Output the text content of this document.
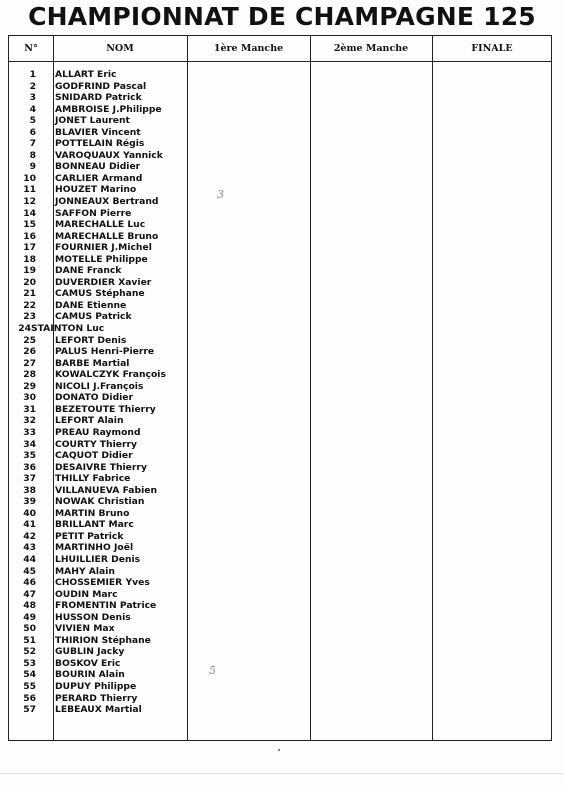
CHAMPIONNAT DE CHAMPAGNE 125
N°	NOM	1ère Manche	2ème Manche	FINALE
1 ALLART Eric
2 GODFRIND Pascal
3 SNIDARD Patrick
4 AMBROISE J.Philippe
5 JONET Laurent
6 BLAVIER Vincent
7 POTTELAIN Régis
8 VAROQUAUX Yannick
9 BONNEAU Didier
10 CARLIER Armand
11 HOUZET Marino
12 JONNEAUX Bertrand
14 SAFFON Pierre
15 MARECHALLE Luc
16 MARECHALLE Bruno
17 FOURNIER J.Michel
18 MOTELLE Philippe
19 DANE Franck
20 DUVERDIER Xavier
21 CAMUS Stéphane
22 DANE Etienne
23 CAMUS Patrick
24 STAINTON Luc
25 LEFORT Denis
26 PALUS Henri-Pierre
27 BARBE Martial
28 KOWALCZYK François
29 NICOLI J.François
30 DONATO Didier
31 BEZETOUTE Thierry
32 LEFORT Alain
33 PREAU Raymond
34 COURTY Thierry
35 CAQUOT Didier
36 DESAIVRE Thierry
37 THILLY Fabrice
38 VILLANUEVA Fabien
39 NOWAK Christian
40 MARTIN Bruno
41 BRILLANT Marc
42 PETIT Patrick
43 MARTINHO Joël
44 LHUILLIER Denis
45 MAHY Alain
46 CHOSSEMIER Yves
47 OUDIN Marc
48 FROMENTIN Patrice
49 HUSSON Denis
50 VIVIEN Max
51 THIRION Stéphane
52 GUBLIN Jacky
53 BOSKOV Eric
54 BOURIN Alain
55 DUPUY Philippe
56 PERARD Thierry
57 LEBEAUX Martial
3
5
